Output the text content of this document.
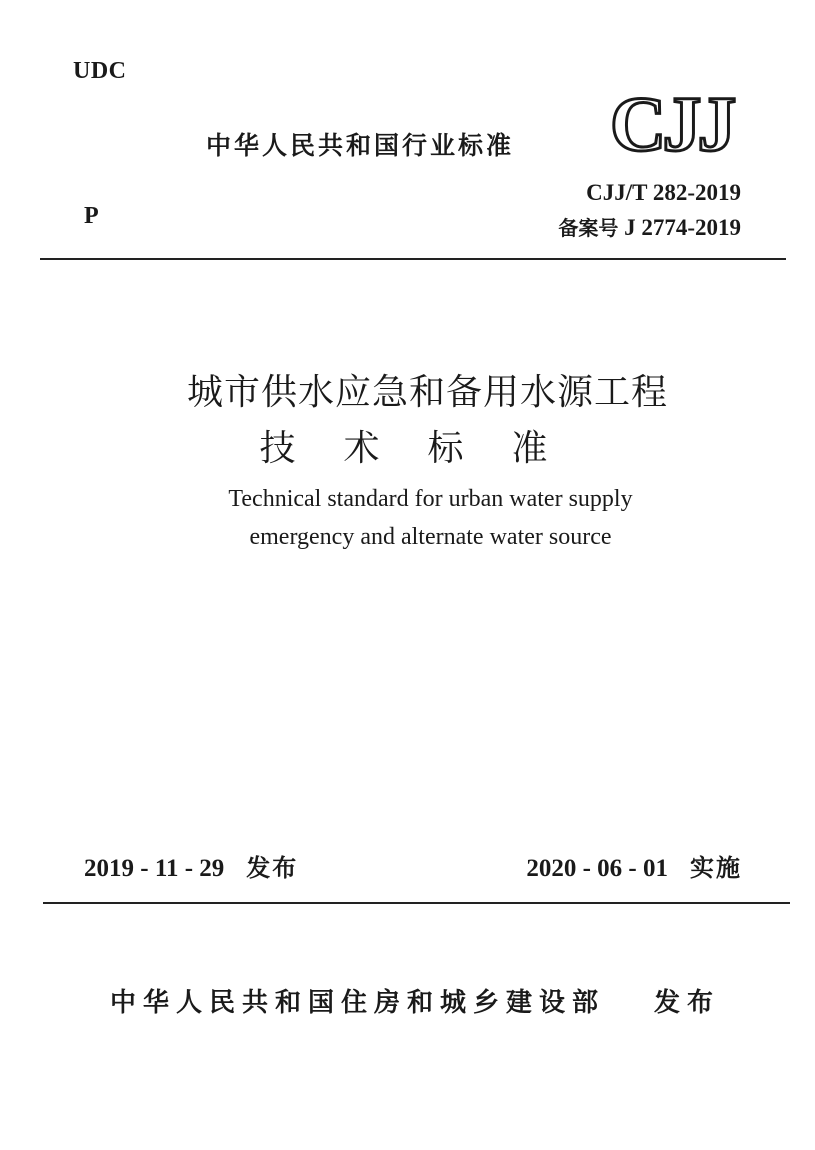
UDC
P
中华人民共和国行业标准 CJJ
CJJ/T 282-2019
备案号 J 2774-2019
城市供水应急和备用水源工程
技术标准
Technical standard for urban water supply
emergency and alternate water source
2019 - 11 - 29 发布	2020 - 06 - 01 实施
中华人民共和国住房和城乡建设部 发布
